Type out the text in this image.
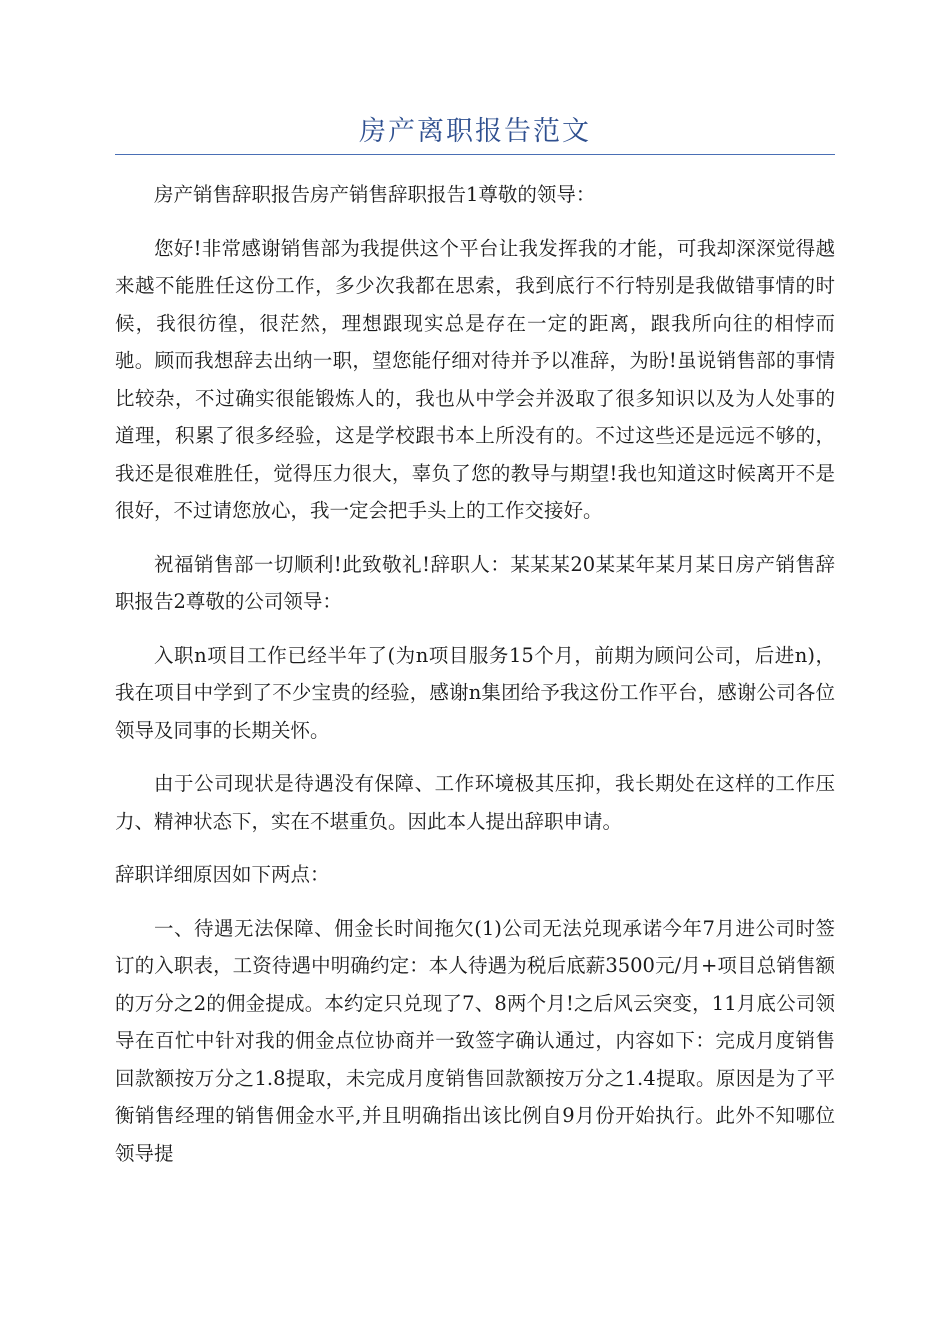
房产离职报告范文

房产销售辞职报告房产销售辞职报告1尊敬的领导：

您好!非常感谢销售部为我提供这个平台让我发挥我的才能，可我却深深觉得越来越不能胜任这份工作，多少次我都在思索，我到底行不行特别是我做错事情的时候，我很彷徨，很茫然，理想跟现实总是存在一定的距离，跟我所向往的相悖而驰。顾而我想辞去出纳一职，望您能仔细对待并予以准辞，为盼!虽说销售部的事情比较杂，不过确实很能锻炼人的，我也从中学会并汲取了很多知识以及为人处事的道理，积累了很多经验，这是学校跟书本上所没有的。不过这些还是远远不够的，我还是很难胜任，觉得压力很大，辜负了您的教导与期望!我也知道这时候离开不是很好，不过请您放心，我一定会把手头上的工作交接好。

祝福销售部一切顺利!此致敬礼!辞职人：某某某20某某年某月某日房产销售辞职报告2尊敬的公司领导：

入职n项目工作已经半年了(为n项目服务15个月，前期为顾问公司，后进n)，我在项目中学到了不少宝贵的经验，感谢n集团给予我这份工作平台，感谢公司各位领导及同事的长期关怀。

由于公司现状是待遇没有保障、工作环境极其压抑，我长期处在这样的工作压力、精神状态下，实在不堪重负。因此本人提出辞职申请。

辞职详细原因如下两点：

一、待遇无法保障、佣金长时间拖欠(1)公司无法兑现承诺今年7月进公司时签订的入职表，工资待遇中明确约定：本人待遇为税后底薪3500元/月+项目总销售额的万分之2的佣金提成。本约定只兑现了7、8两个月!之后风云突变，11月底公司领导在百忙中针对我的佣金点位协商并一致签字确认通过，内容如下：完成月度销售回款额按万分之1.8提取，未完成月度销售回款额按万分之1.4提取。原因是为了平衡销售经理的销售佣金水平,并且明确指出该比例自9月份开始执行。此外不知哪位领导提
